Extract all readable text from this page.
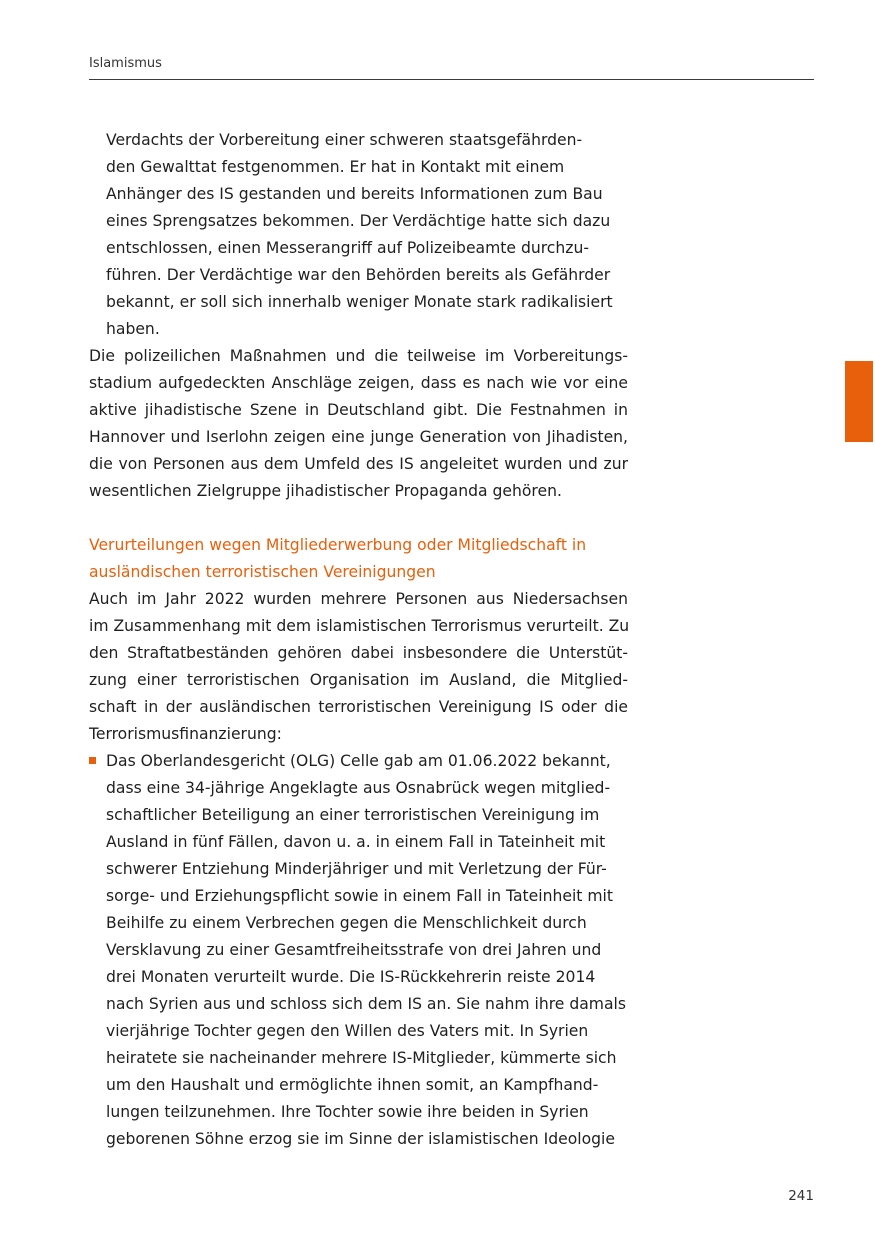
Islamismus
Verdachts der Vorbereitung einer schweren staatsgefährden-
den Gewalttat festgenommen. Er hat in Kontakt mit einem
Anhänger des IS gestanden und bereits Informationen zum Bau
eines Sprengsatzes bekommen. Der Verdächtige hatte sich dazu
entschlossen, einen Messerangriff auf Polizeibeamte durchzu-
führen. Der Verdächtige war den Behörden bereits als Gefährder
bekannt, er soll sich innerhalb weniger Monate stark radikalisiert
haben.
Die polizeilichen Maßnahmen und die teilweise im Vorbereitungs-
stadium aufgedeckten Anschläge zeigen, dass es nach wie vor eine
aktive jihadistische Szene in Deutschland gibt. Die Festnahmen in
Hannover und Iserlohn zeigen eine junge Generation von Jihadisten,
die von Personen aus dem Umfeld des IS angeleitet wurden und zur
wesentlichen Zielgruppe jihadistischer Propaganda gehören.
Verurteilungen wegen Mitgliederwerbung oder Mitgliedschaft in
ausländischen terroristischen Vereinigungen
Auch im Jahr 2022 wurden mehrere Personen aus Niedersachsen
im Zusammenhang mit dem islamistischen Terrorismus verurteilt. Zu
den Straftatbeständen gehören dabei insbesondere die Unterstüt-
zung einer terroristischen Organisation im Ausland, die Mitglied-
schaft in der ausländischen terroristischen Vereinigung IS oder die
Terrorismusfinanzierung:
Das Oberlandesgericht (OLG) Celle gab am 01.06.2022 bekannt,
dass eine 34-jährige Angeklagte aus Osnabrück wegen mitglied-
schaftlicher Beteiligung an einer terroristischen Vereinigung im
Ausland in fünf Fällen, davon u. a. in einem Fall in Tateinheit mit
schwerer Entziehung Minderjähriger und mit Verletzung der Für-
sorge- und Erziehungspflicht sowie in einem Fall in Tateinheit mit
Beihilfe zu einem Verbrechen gegen die Menschlichkeit durch
Versklavung zu einer Gesamtfreiheitsstrafe von drei Jahren und
drei Monaten verurteilt wurde. Die IS-Rückkehrerin reiste 2014
nach Syrien aus und schloss sich dem IS an. Sie nahm ihre damals
vierjährige Tochter gegen den Willen des Vaters mit. In Syrien
heiratete sie nacheinander mehrere IS-Mitglieder, kümmerte sich
um den Haushalt und ermöglichte ihnen somit, an Kampfhand-
lungen teilzunehmen. Ihre Tochter sowie ihre beiden in Syrien
geborenen Söhne erzog sie im Sinne der islamistischen Ideologie
241
